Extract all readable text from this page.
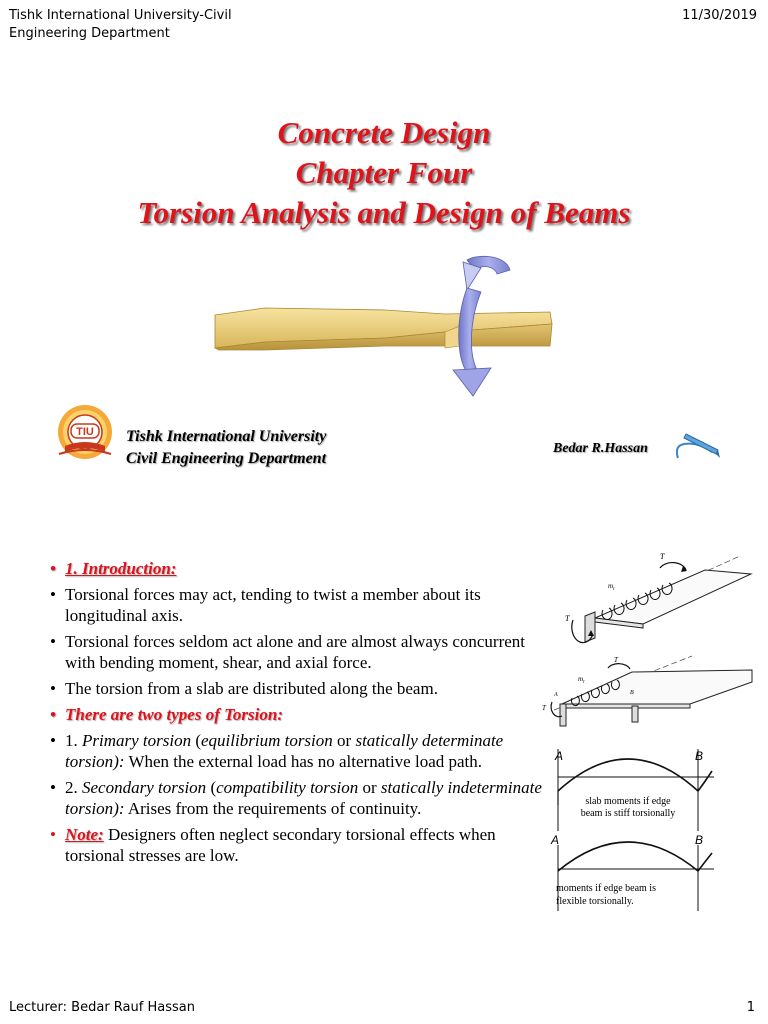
Tishk International University-Civil
Engineering Department
11/30/2019
Concrete Design
Chapter Four
Torsion Analysis and Design of Beams
TIU Tishk International University
Civil Engineering Department
Bedar R.Hassan
• 1. Introduction:
• Torsional forces may act, tending to twist a member about its longitudinal axis.
• Torsional forces seldom act alone and are almost always concurrent with bending moment, shear, and axial force.
• The torsion from a slab are distributed along the beam.
• There are two types of Torsion:
• 1. Primary torsion (equilibrium torsion or statically determinate torsion): When the external load has no alternative load path.
• 2. Secondary torsion (compatibility torsion or statically indeterminate torsion): Arises from the requirements of continuity.
• Note: Designers often neglect secondary torsional effects when torsional stresses are low.
T
T
$m_t$
T
T
$m_t$
A	B
A	B
slab moments if edge
beam is stiff torsionally
A	B
moments if edge beam is
flexible torsionally.
Lecturer: Bedar Rauf Hassan	1
